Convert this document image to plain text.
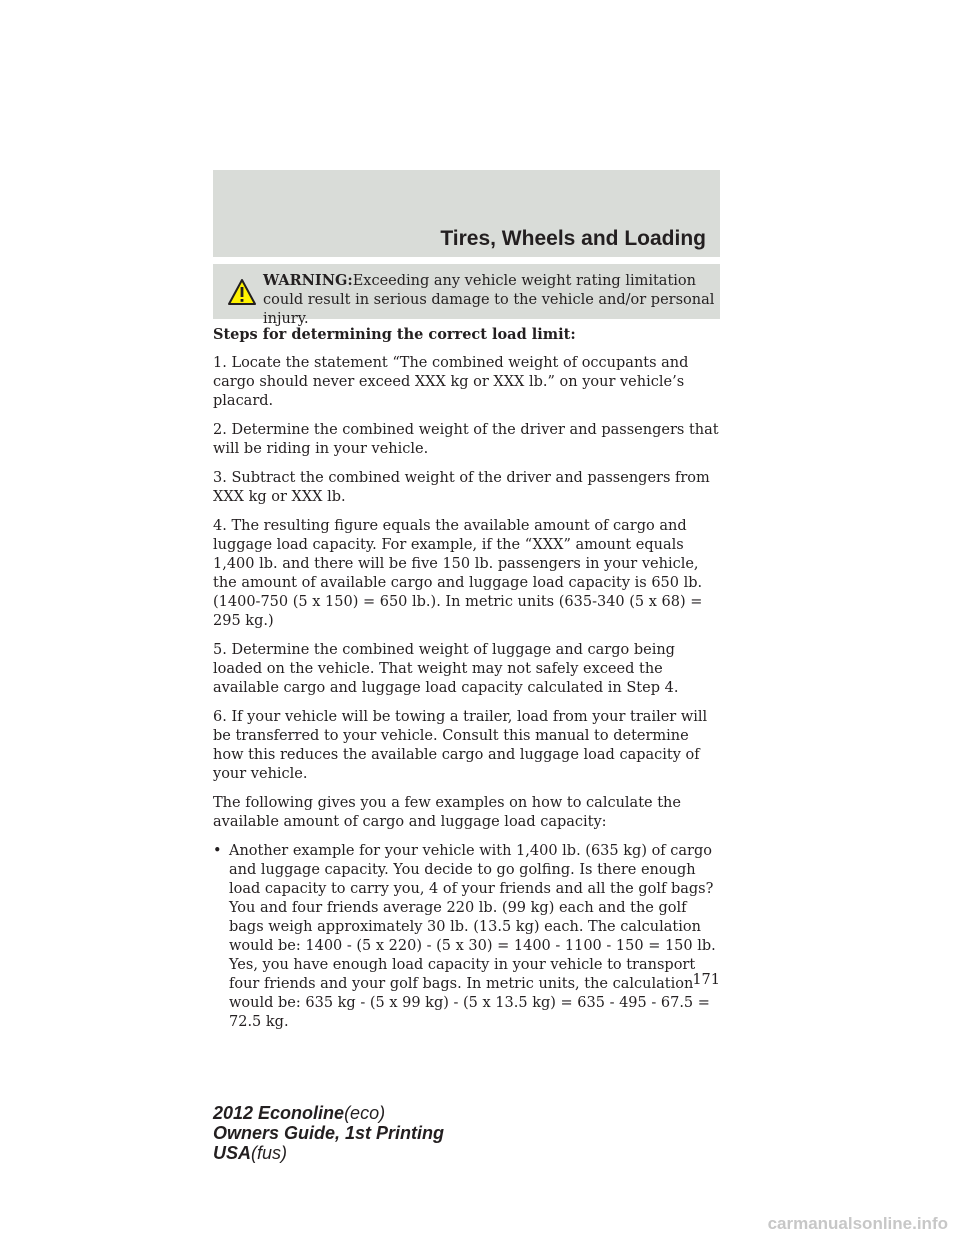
Tires, Wheels and Loading
WARNING:Exceeding any vehicle weight rating limitation could result in serious damage to the vehicle and/or personal injury.

Steps for determining the correct load limit:

1. Locate the statement “The combined weight of occupants and cargo should never exceed XXX kg or XXX lb.” on your vehicle’s placard.

2. Determine the combined weight of the driver and passengers that will be riding in your vehicle.

3. Subtract the combined weight of the driver and passengers from XXX kg or XXX lb.

4. The resulting figure equals the available amount of cargo and luggage load capacity. For example, if the “XXX” amount equals 1,400 lb. and there will be five 150 lb. passengers in your vehicle, the amount of available cargo and luggage load capacity is 650 lb. (1400-750 (5 x 150) = 650 lb.). In metric units (635-340 (5 x 68) = 295 kg.)

5. Determine the combined weight of luggage and cargo being loaded on the vehicle. That weight may not safely exceed the available cargo and luggage load capacity calculated in Step 4.

6. If your vehicle will be towing a trailer, load from your trailer will be transferred to your vehicle. Consult this manual to determine how this reduces the available cargo and luggage load capacity of your vehicle.

The following gives you a few examples on how to calculate the available amount of cargo and luggage load capacity:

• Another example for your vehicle with 1,400 lb. (635 kg) of cargo and luggage capacity. You decide to go golfing. Is there enough load capacity to carry you, 4 of your friends and all the golf bags? You and four friends average 220 lb. (99 kg) each and the golf bags weigh approximately 30 lb. (13.5 kg) each. The calculation would be: 1400 - (5 x 220) - (5 x 30) = 1400 - 1100 - 150 = 150 lb. Yes, you have enough load capacity in your vehicle to transport four friends and your golf bags. In metric units, the calculation would be: 635 kg - (5 x 99 kg) - (5 x 13.5 kg) = 635 - 495 - 67.5 = 72.5 kg.
171
2012 Econoline(eco)
Owners Guide, 1st Printing
USA(fus)
carmanualsonline.info
